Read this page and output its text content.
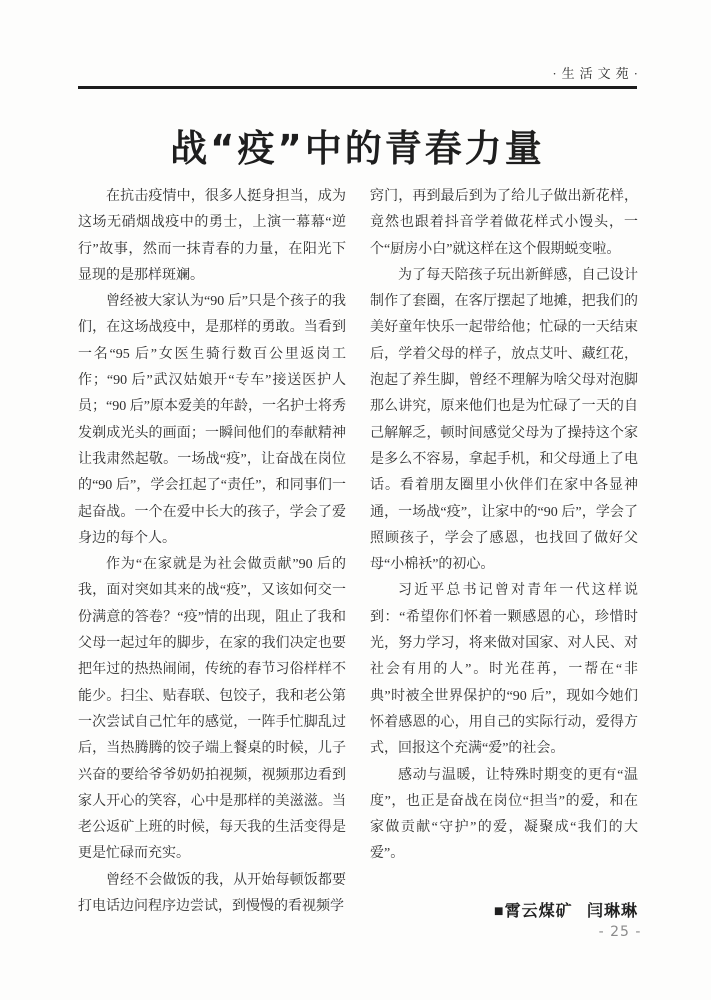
·生活文苑·
战“疫”中的青春力量

在抗击疫情中，很多人挺身担当，成为这场无硝烟战疫中的勇士，上演一幕幕“逆行”故事，然而一抹青春的力量，在阳光下显现的是那样斑斓。

曾经被大家认为“90 后”只是个孩子的我们，在这场战疫中，是那样的勇敢。当看到一名“95 后”女医生骑行数百公里返岗工作；“90 后”武汉姑娘开“专车”接送医护人员；“90 后”原本爱美的年龄，一名护士将秀发剃成光头的画面；一瞬间他们的奉献精神让我肃然起敬。一场战“疫”，让奋战在岗位的“90 后”，学会扛起了“责任”，和同事们一起奋战。一个在爱中长大的孩子，学会了爱身边的每个人。

作为“在家就是为社会做贡献”90 后的我，面对突如其来的战“疫”，又该如何交一份满意的答卷？“疫”情的出现，阻止了我和父母一起过年的脚步，在家的我们决定也要把年过的热热闹闹，传统的春节习俗样样不能少。扫尘、贴春联、包饺子，我和老公第一次尝试自己忙年的感觉，一阵手忙脚乱过后，当热腾腾的饺子端上餐桌的时候，儿子兴奋的要给爷爷奶奶拍视频，视频那边看到家人开心的笑容，心中是那样的美滋滋。当老公返矿上班的时候，每天我的生活变得是更是忙碌而充实。

曾经不会做饭的我，从开始每顿饭都要打电话边问程序边尝试，到慢慢的看视频学

窍门，再到最后到为了给儿子做出新花样，竟然也跟着抖音学着做花样式小馒头，一个“厨房小白”就这样在这个假期蜕变啦。

为了每天陪孩子玩出新鲜感，自己设计制作了套圈，在客厅摆起了地摊，把我们的美好童年快乐一起带给他；忙碌的一天结束后，学着父母的样子，放点艾叶、藏红花，泡起了养生脚，曾经不理解为啥父母对泡脚那么讲究，原来他们也是为忙碌了一天的自己解解乏，顿时间感觉父母为了操持这个家是多么不容易，拿起手机，和父母通上了电话。看着朋友圈里小伙伴们在家中各显神通，一场战“疫”，让家中的“90 后”，学会了照顾孩子，学会了感恩，也找回了做好父母“小棉袄”的初心。

习近平总书记曾对青年一代这样说到：“希望你们怀着一颗感恩的心，珍惜时光，努力学习，将来做对国家、对人民、对社会有用的人”。时光荏苒，一帮在“非典”时被全世界保护的“90 后”，现如今她们怀着感恩的心，用自己的实际行动，爱得方式，回报这个充满“爱”的社会。

感动与温暖，让特殊时期变的更有“温度”，也正是奋战在岗位“担当”的爱，和在家做贡献“守护”的爱，凝聚成“我们的大爱”。

■霄云煤矿 闫琳琳
- 25 -
